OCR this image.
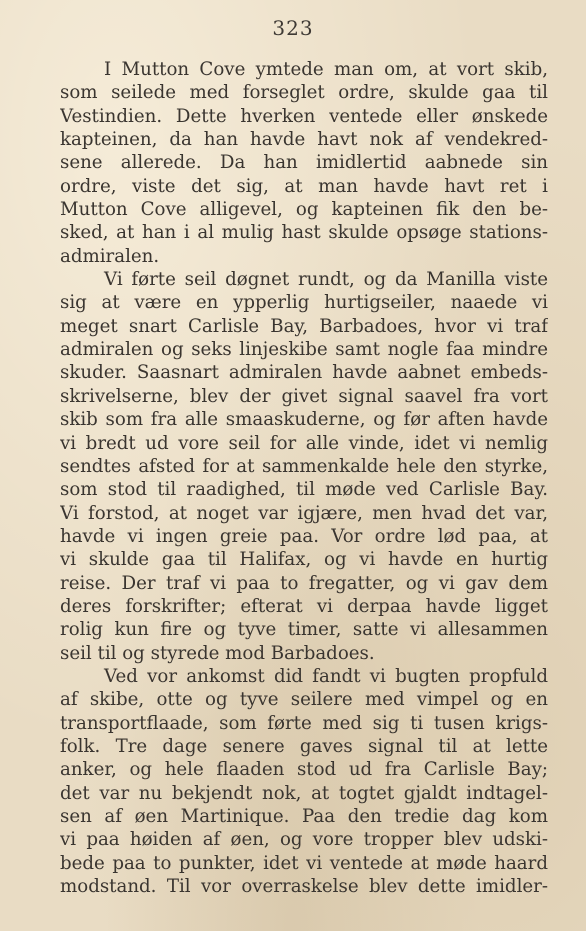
323

I Mutton Cove ymtede man om, at vort skib,
som seilede med forseglet ordre, skulde gaa til
Vestindien. Dette hverken ventede eller ønskede
kapteinen, da han havde havt nok af vendekred-
sene allerede. Da han imidlertid aabnede sin
ordre, viste det sig, at man havde havt ret i
Mutton Cove alligevel, og kapteinen fik den be-
sked, at han i al mulig hast skulde opsøge stations-
admiralen.
Vi førte seil døgnet rundt, og da Manilla viste
sig at være en ypperlig hurtigseiler, naaede vi
meget snart Carlisle Bay, Barbadoes, hvor vi traf
admiralen og seks linjeskibe samt nogle faa mindre
skuder. Saasnart admiralen havde aabnet embeds-
skrivelserne, blev der givet signal saavel fra vort
skib som fra alle smaaskuderne, og før aften havde
vi bredt ud vore seil for alle vinde, idet vi nemlig
sendtes afsted for at sammenkalde hele den styrke,
som stod til raadighed, til møde ved Carlisle Bay.
Vi forstod, at noget var igjære, men hvad det var,
havde vi ingen greie paa. Vor ordre lød paa, at
vi skulde gaa til Halifax, og vi havde en hurtig
reise. Der traf vi paa to fregatter, og vi gav dem
deres forskrifter; efterat vi derpaa havde ligget
rolig kun fire og tyve timer, satte vi allesammen
seil til og styrede mod Barbadoes.
Ved vor ankomst did fandt vi bugten propfuld
af skibe, otte og tyve seilere med vimpel og en
transportflaade, som førte med sig ti tusen krigs-
folk. Tre dage senere gaves signal til at lette
anker, og hele flaaden stod ud fra Carlisle Bay;
det var nu bekjendt nok, at togtet gjaldt indtagel-
sen af øen Martinique. Paa den tredie dag kom
vi paa høiden af øen, og vore tropper blev udski-
bede paa to punkter, idet vi ventede at møde haard
modstand. Til vor overraskelse blev dette imidler-
